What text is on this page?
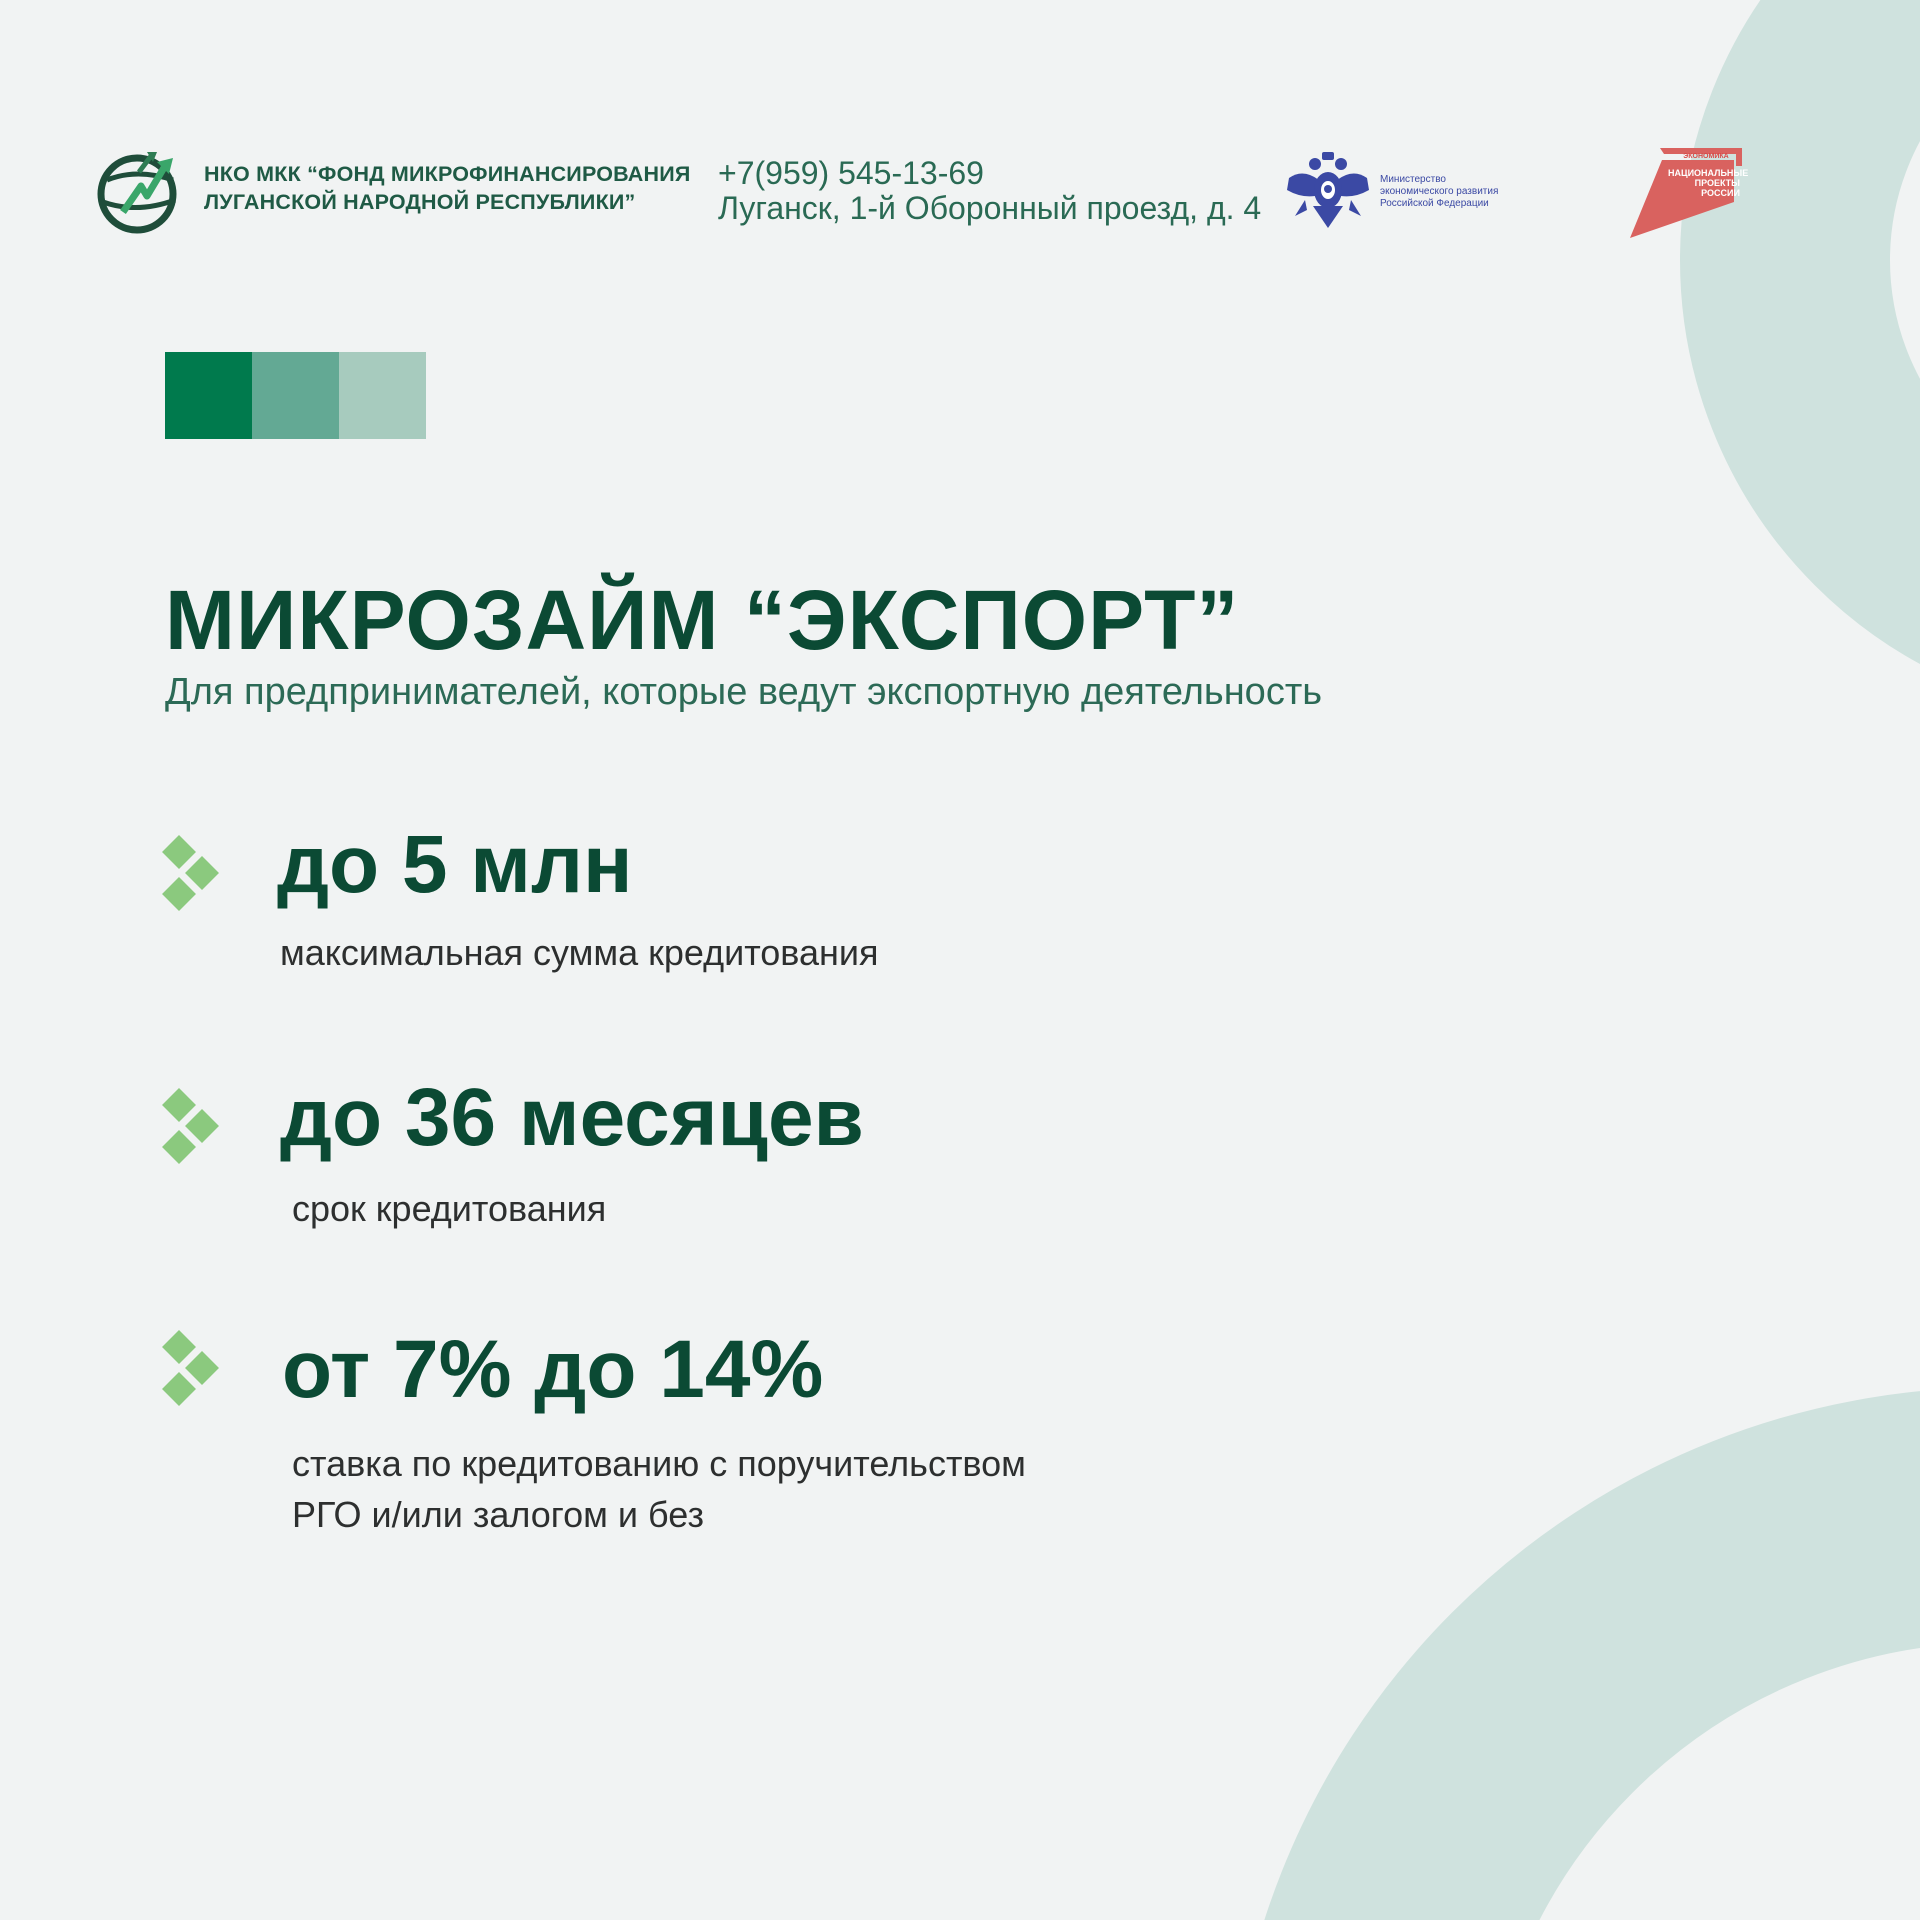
НКО МКК “ФОНД МИКРОФИНАНСИРОВАНИЯ
ЛУГАНСКОЙ НАРОДНОЙ РЕСПУБЛИКИ”
+7(959) 545-13-69
Луганск, 1-й Оборонный проезд, д. 4
Министерство
экономического развития
Российской Федерации
ЭКОНОМИКА
НАЦИОНАЛЬНЫЕ
ПРОЕКТЫ
РОССИИ
МИКРОЗАЙМ “ЭКСПОРТ”
Для предпринимателей, которые ведут экспортную деятельность
до 5 млн
максимальная сумма кредитования
до 36 месяцев
срок кредитования
от 7% до 14%
ставка по кредитованию с поручительством
РГО и/или залогом и без
